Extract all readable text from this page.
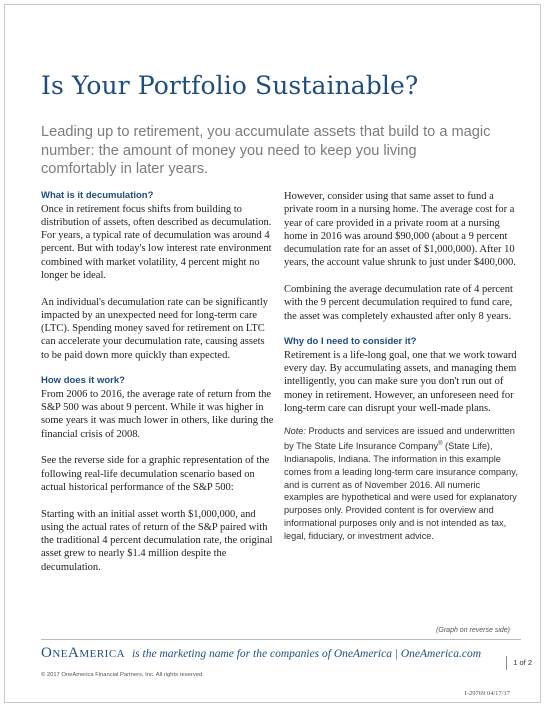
Is Your Portfolio Sustainable?
Leading up to retirement, you accumulate assets that build to a magic number: the amount of money you need to keep you living comfortably in later years.
What is it decumulation?

Once in retirement focus shifts from building to distribution of assets, often described as decumulation. For years, a typical rate of decumulation was around 4 percent. But with today's low interest rate environment combined with market volatility, 4 percent might no longer be ideal.

An individual's decumulation rate can be significantly impacted by an unexpected need for long-term care (LTC). Spending money saved for retirement on LTC can accelerate your decumulation rate, causing assets to be paid down more quickly than expected.

How does it work?

From 2006 to 2016, the average rate of return from the S&P 500 was about 9 percent. While it was higher in some years it was much lower in others, like during the financial crisis of 2008.

See the reverse side for a graphic representation of the following real-life decumulation scenario based on actual historical performance of the S&P 500:

Starting with an initial asset worth $1,000,000, and using the actual rates of return of the S&P paired with the traditional 4 percent decumulation rate, the original asset grew to nearly $1.4 million despite the decumulation.

However, consider using that same asset to fund a private room in a nursing home. The average cost for a year of care provided in a private room at a nursing home in 2016 was around $90,000 (about a 9 percent decumulation rate for an asset of $1,000,000). After 10 years, the account value shrunk to just under $400,000.

Combining the average decumulation rate of 4 percent with the 9 percent decumulation required to fund care, the asset was completely exhausted after only 8 years.

Why do I need to consider it?

Retirement is a life-long goal, one that we work toward every day. By accumulating assets, and managing them intelligently, you can make sure you don't run out of money in retirement. However, an unforeseen need for long-term care can disrupt your well-made plans.

Note: Products and services are issued and underwritten by The State Life Insurance Company® (State Life), Indianapolis, Indiana. The information in this example comes from a leading long-term care insurance company, and is current as of November 2016. All numeric examples are hypothetical and were used for explanatory purposes only. Provided content is for overview and informational purposes only and is not intended as tax, legal, fiduciary, or investment advice.
(Graph on reverse side)
OneAmerica is the marketing name for the companies of OneAmerica | OneAmerica.com
1 of 2
© 2017 OneAmerica Financial Partners, Inc. All rights reserved.
I-29769 04/17/17
